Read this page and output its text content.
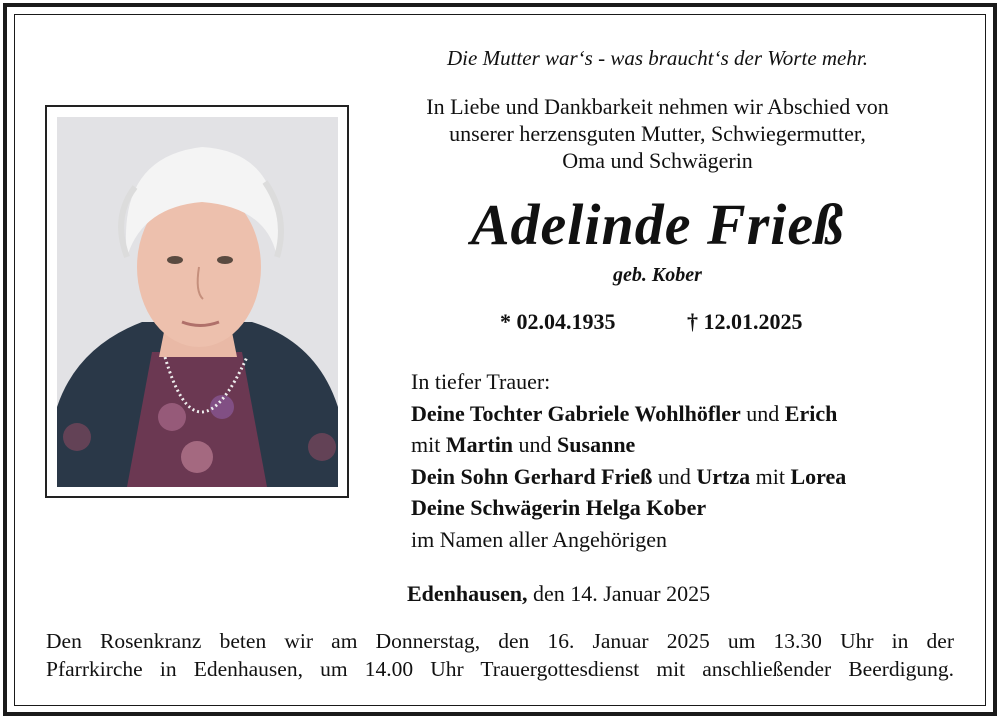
Die Mutter war‘s - was braucht‘s der Worte mehr.
In Liebe und Dankbarkeit nehmen wir Abschied von
unserer herzensguten Mutter, Schwiegermutter,
Oma und Schwägerin
Adelinde Frieß
geb. Kober
* 02.04.1935	† 12.01.2025
In tiefer Trauer:
Deine Tochter Gabriele Wohlhöfler und Erich
mit Martin und Susanne
Dein Sohn Gerhard Frieß und Urtza mit Lorea
Deine Schwägerin Helga Kober
im Namen aller Angehörigen
Edenhausen, den 14. Januar 2025
Den Rosenkranz beten wir am Donnerstag, den 16. Januar 2025 um 13.30 Uhr in der
Pfarrkirche in Edenhausen, um 14.00 Uhr Trauergottesdienst mit anschließender Beerdigung.
